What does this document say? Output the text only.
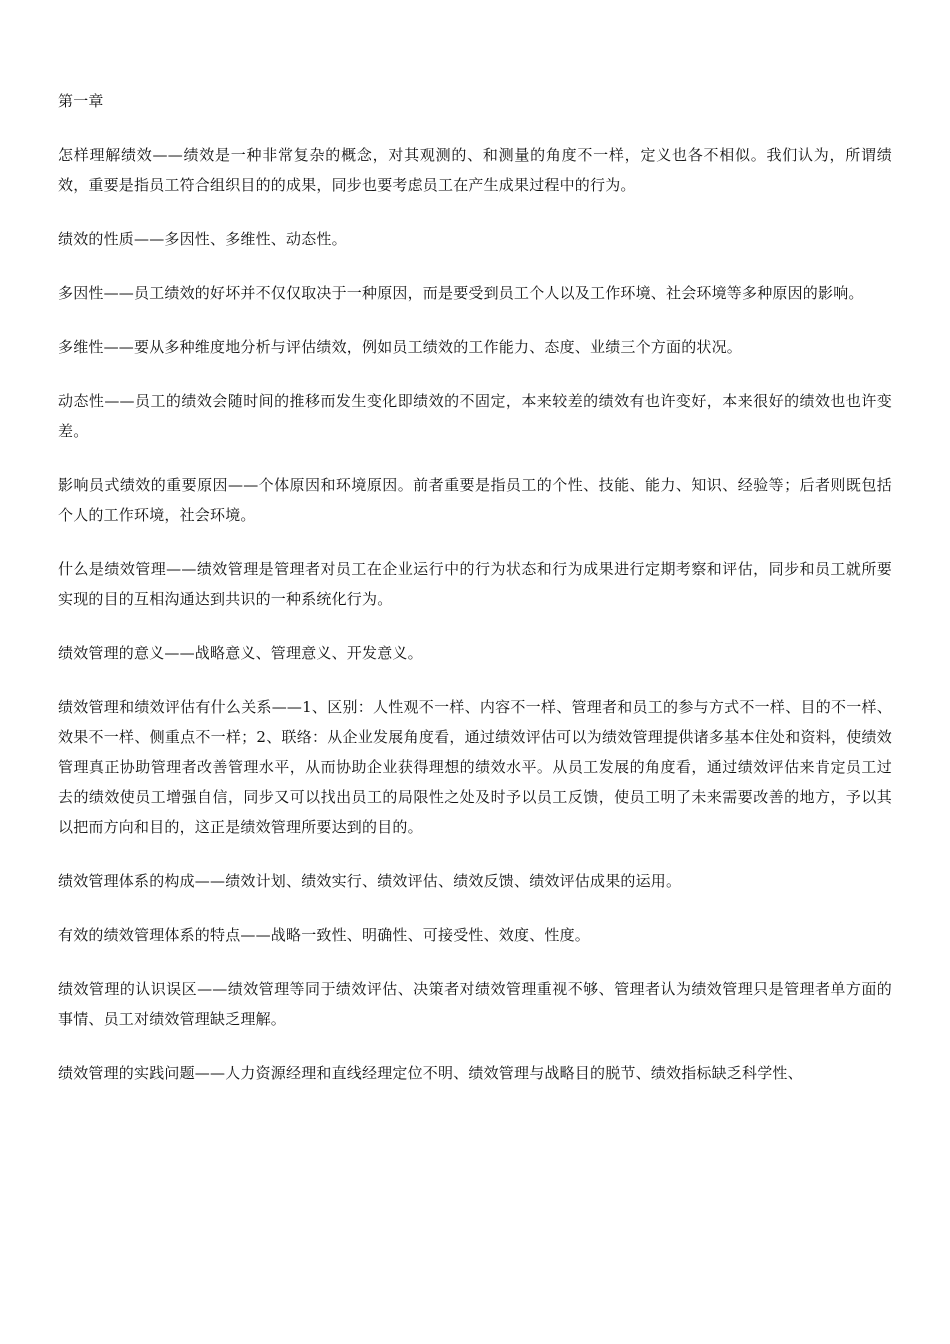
第一章

怎样理解绩效——绩效是一种非常复杂的概念，对其观测的、和测量的角度不一样，定义也各不相似。我们认为，所谓绩效，重要是指员工符合组织目的的成果，同步也要考虑员工在产生成果过程中的行为。

绩效的性质——多因性、多维性、动态性。

多因性——员工绩效的好坏并不仅仅取决于一种原因，而是要受到员工个人以及工作环境、社会环境等多种原因的影响。

多维性——要从多种维度地分析与评估绩效，例如员工绩效的工作能力、态度、业绩三个方面的状况。

动态性——员工的绩效会随时间的推移而发生变化即绩效的不固定，本来较差的绩效有也许变好，本来很好的绩效也也许变差。

影响员式绩效的重要原因——个体原因和环境原因。前者重要是指员工的个性、技能、能力、知识、经验等；后者则既包括个人的工作环境，社会环境。

什么是绩效管理——绩效管理是管理者对员工在企业运行中的行为状态和行为成果进行定期考察和评估，同步和员工就所要实现的目的互相沟通达到共识的一种系统化行为。

绩效管理的意义——战略意义、管理意义、开发意义。

绩效管理和绩效评估有什么关系——1、区别：人性观不一样、内容不一样、管理者和员工的参与方式不一样、目的不一样、效果不一样、侧重点不一样；2、联络：从企业发展角度看，通过绩效评估可以为绩效管理提供诸多基本住处和资料，使绩效管理真正协助管理者改善管理水平，从而协助企业获得理想的绩效水平。从员工发展的角度看，通过绩效评估来肯定员工过去的绩效使员工增强自信，同步又可以找出员工的局限性之处及时予以员工反馈，使员工明了未来需要改善的地方，予以其以把而方向和目的，这正是绩效管理所要达到的目的。

绩效管理体系的构成——绩效计划、绩效实行、绩效评估、绩效反馈、绩效评估成果的运用。

有效的绩效管理体系的特点——战略一致性、明确性、可接受性、效度、性度。

绩效管理的认识误区——绩效管理等同于绩效评估、决策者对绩效管理重视不够、管理者认为绩效管理只是管理者单方面的事情、员工对绩效管理缺乏理解。

绩效管理的实践问题——人力资源经理和直线经理定位不明、绩效管理与战略目的脱节、绩效指标缺乏科学性、
